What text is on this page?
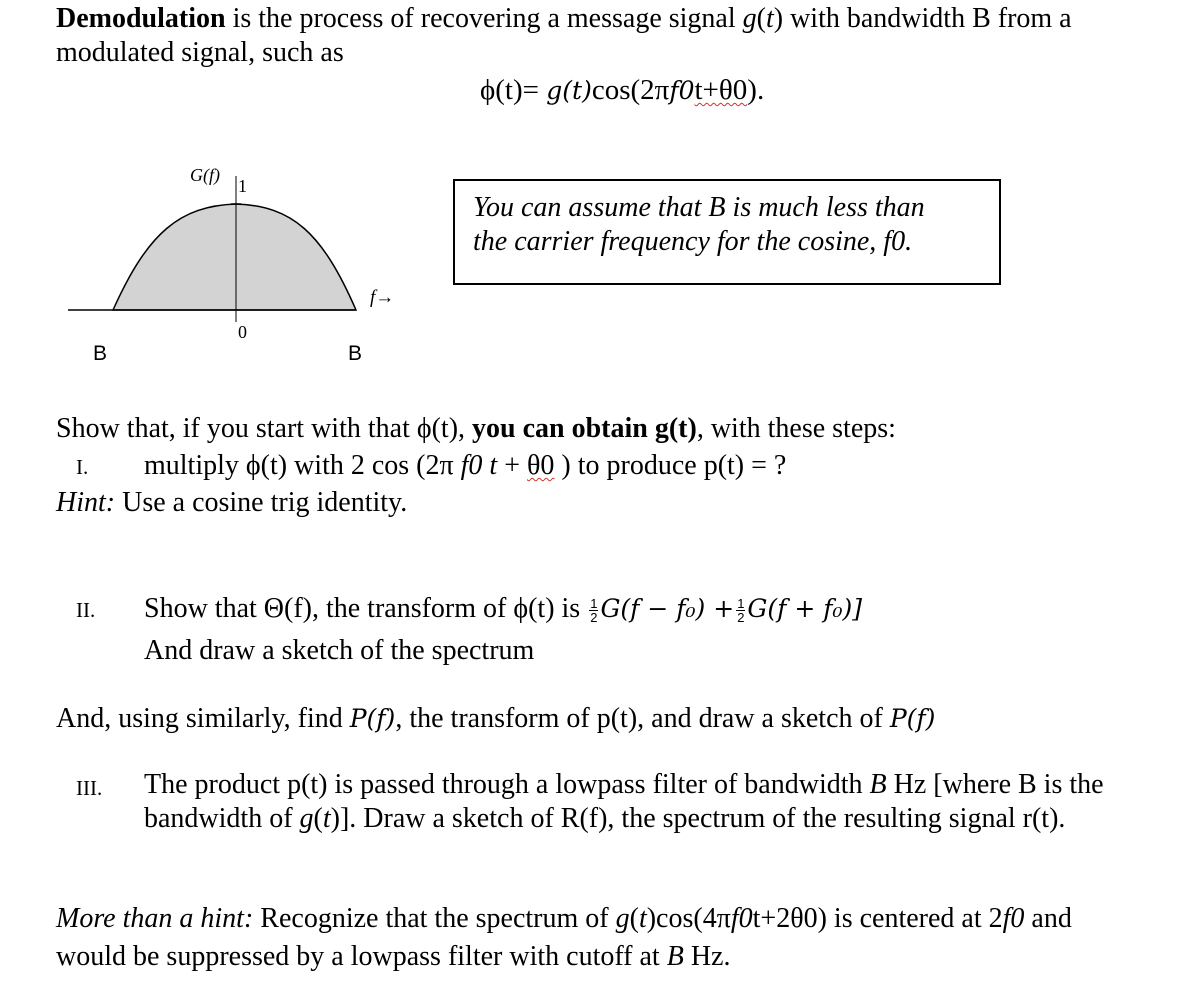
Demodulation is the process of recovering a message signal g(t) with bandwidth B from a
modulated signal, such as
ϕ(t)= g(t)cos(2πf0t+θ0).
G(f)
1
0
f→
B	B
You can assume that B is much less than
the carrier frequency for the cosine, f0.
Show that, if you start with that ϕ(t), you can obtain g(t), with these steps:
I. multiply ϕ(t) with 2 cos (2π f0 t + θ0 ) to produce p(t) = ?
Hint: Use a cosine trig identity.
II. Show that Θ(f), the transform of ϕ(t) is $\frac{1}{2} G(f - f_0) + \frac{1}{2} G(f + f_0)$]
And draw a sketch of the spectrum
And, using similarly, find P(f), the transform of p(t), and draw a sketch of P(f)
III. The product p(t) is passed through a lowpass filter of bandwidth B Hz [where B is the
bandwidth of g(t)]. Draw a sketch of R(f), the spectrum of the resulting signal r(t).
More than a hint: Recognize that the spectrum of g(t)cos(4πf0t+2θ0) is centered at 2f0 and
would be suppressed by a lowpass filter with cutoff at B Hz.
